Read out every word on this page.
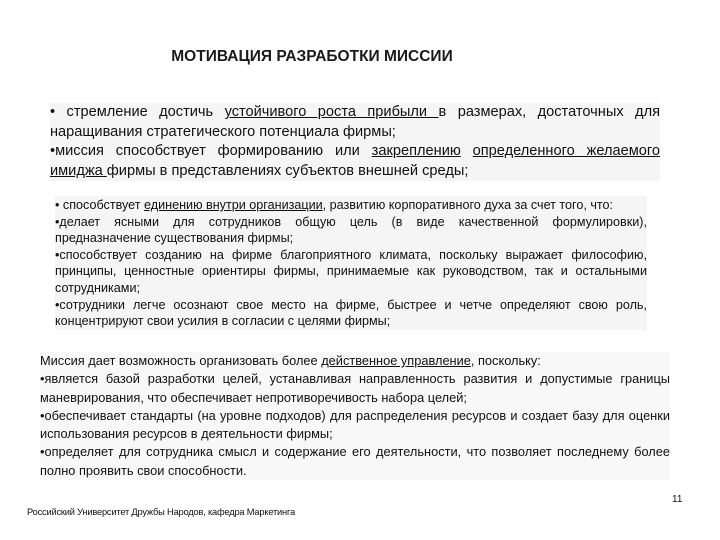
МОТИВАЦИЯ РАЗРАБОТКИ МИССИИ

• стремление достичь устойчивого роста прибыли в размерах, достаточных для наращивания стратегического потенциала фирмы;

•миссия способствует формированию или закреплению определенного желаемого имиджа фирмы в представлениях субъектов внешней среды;

• способствует единению внутри организации, развитию корпоративного духа за счет того, что:

•делает ясными для сотрудников общую цель (в виде качественной формулировки), предназначение существования фирмы;

•способствует созданию на фирме благоприятного климата, поскольку выражает философию, принципы, ценностные ориентиры фирмы, принимаемые как руководством, так и остальными сотрудниками;

•сотрудники легче осознают свое место на фирме, быстрее и четче определяют свою роль, концентрируют свои усилия в согласии с целями фирмы;

Миссия дает возможность организовать более действенное управление, поскольку:

•является базой разработки целей, устанавливая направленность развития и допустимые границы маневрирования, что обеспечивает непротиворечивость набора целей;

•обеспечивает стандарты (на уровне подходов) для распределения ресурсов и создает базу для оценки использования ресурсов в деятельности фирмы;

•определяет для сотрудника смысл и содержание его деятельности, что позволяет последнему более полно проявить свои способности.

11
Российский Университет Дружбы Народов, кафедра Маркетинга
